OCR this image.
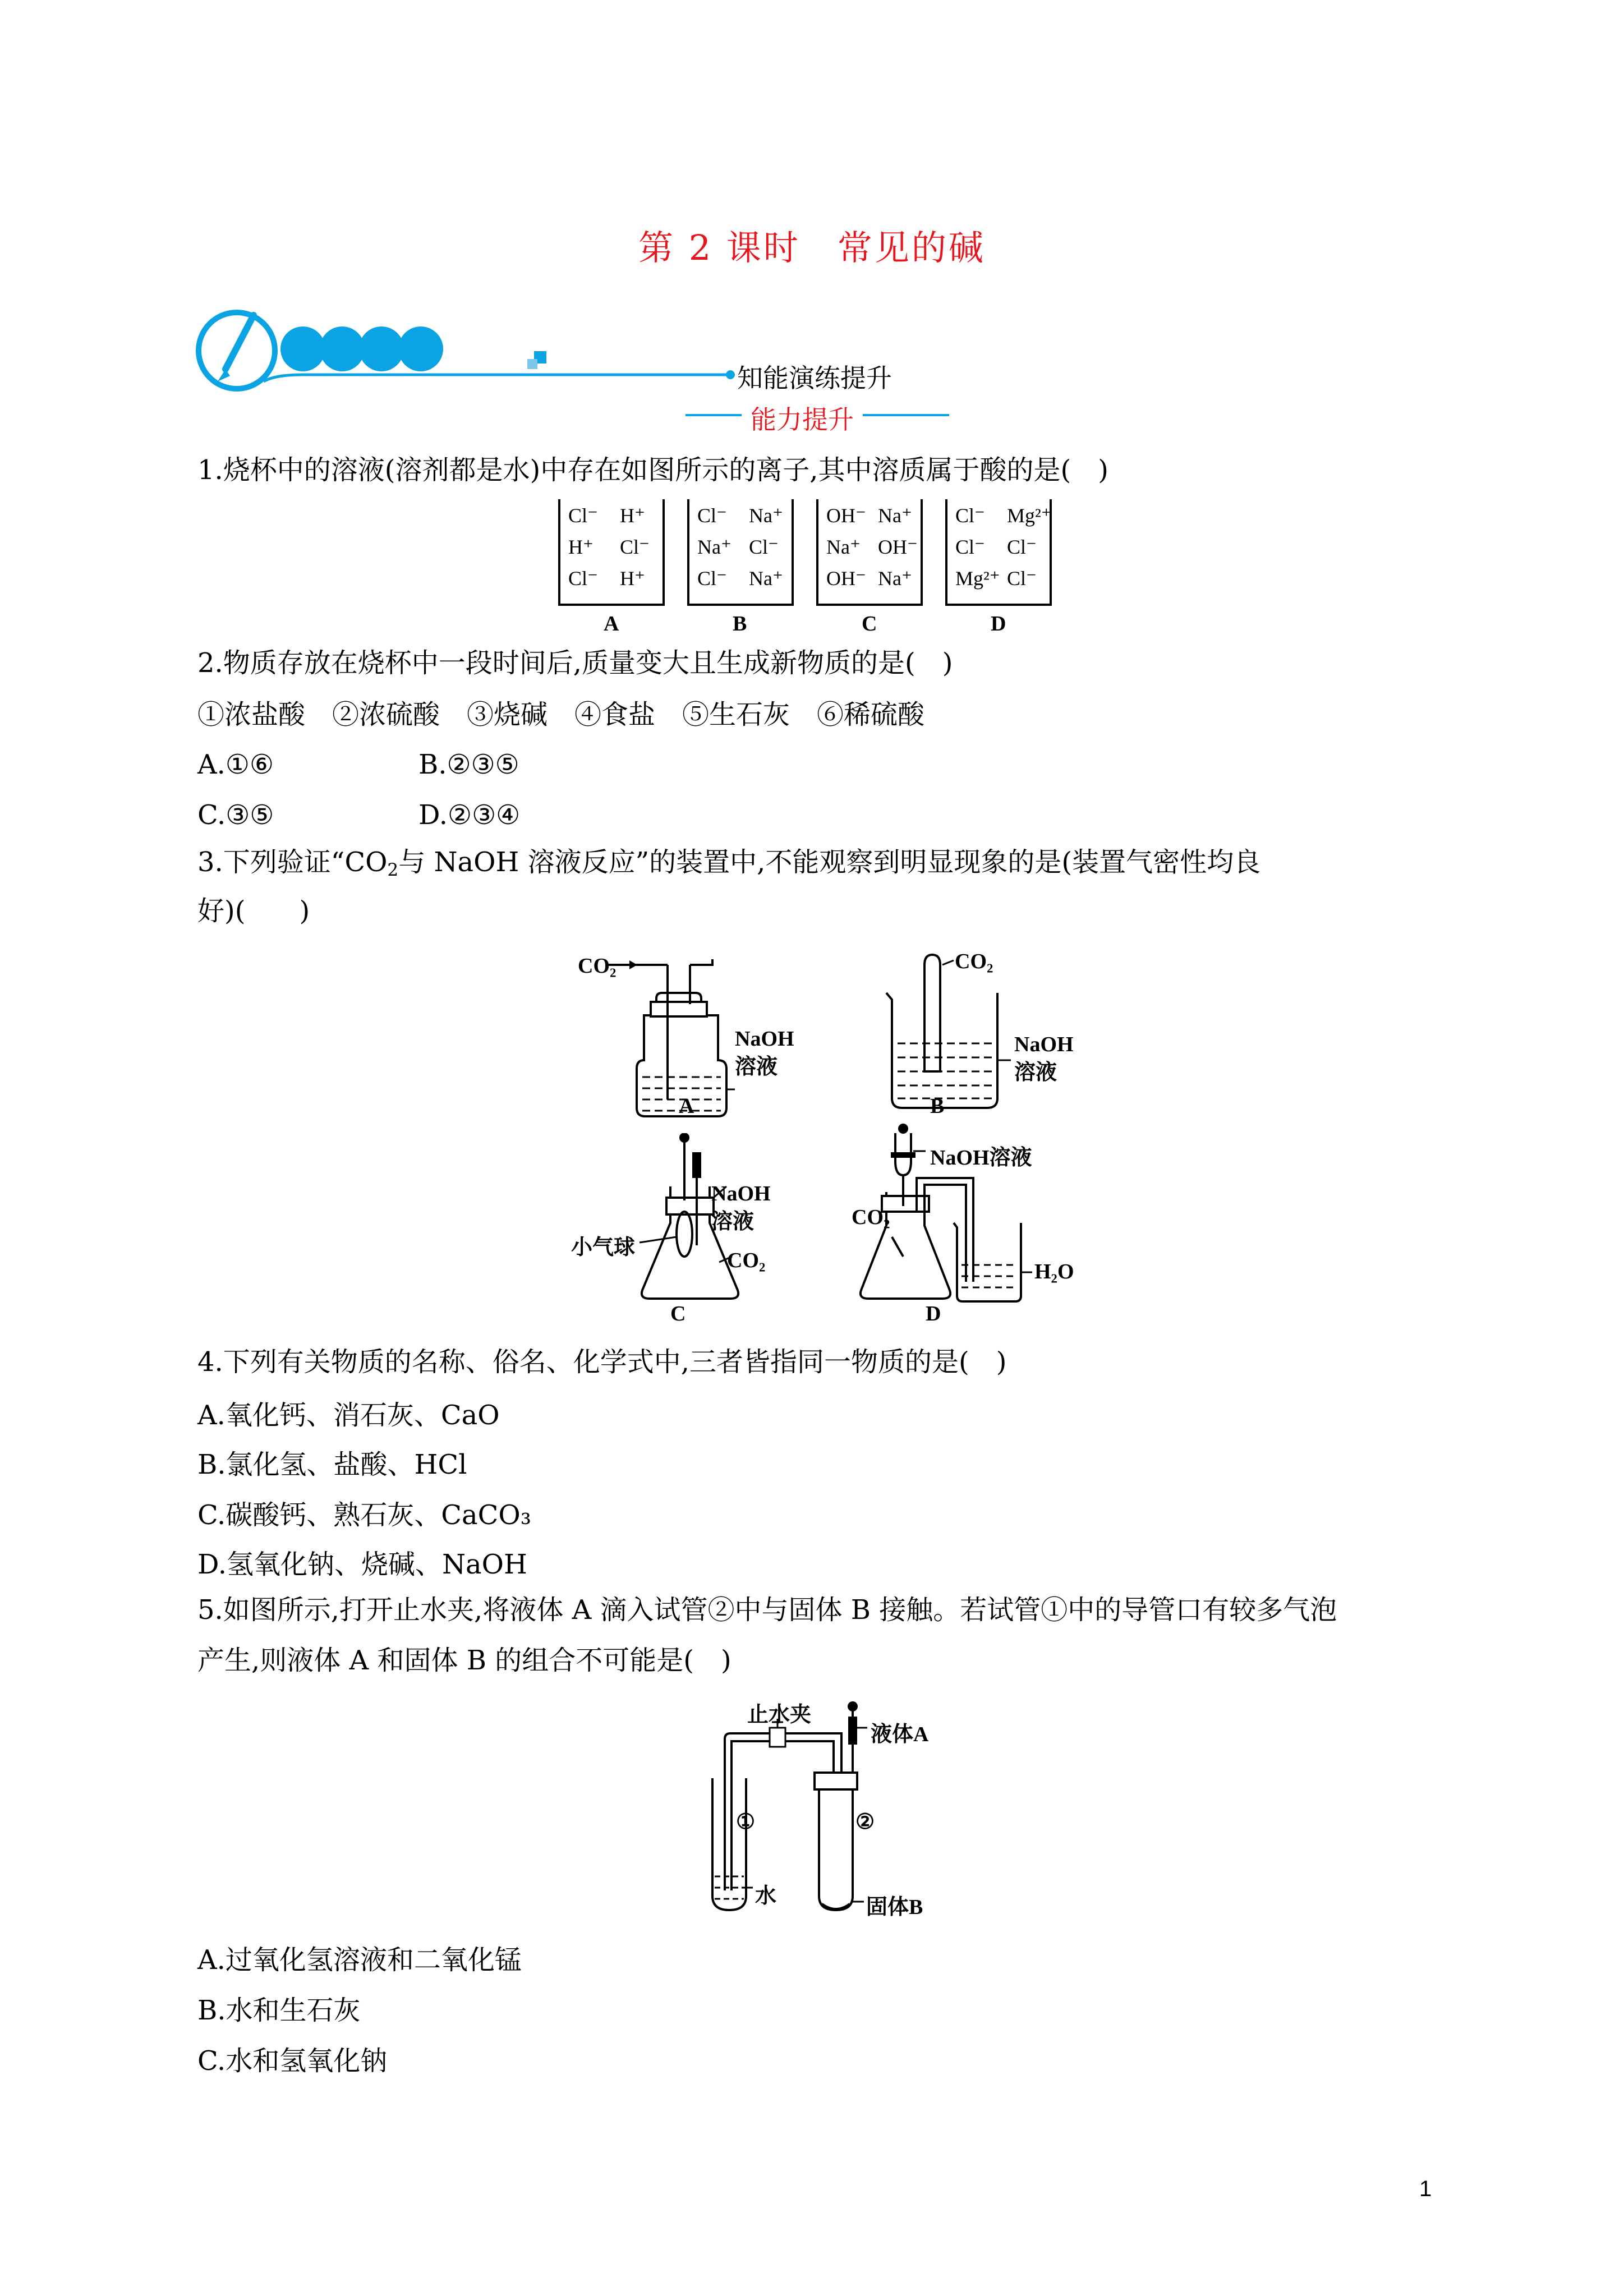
第 2 课时　常见的碱
知能演练提升
能力提升
1.烧杯中的溶液(溶剂都是水)中存在如图所示的离子,其中溶质属于酸的是(　)
Cl⁻ H⁺
H⁺ Cl⁻
Cl⁻ H⁺
A
Cl⁻ Na⁺
Na⁺ Cl⁻
Cl⁻ Na⁺
B
OH⁻ Na⁺
Na⁺ OH⁻
OH⁻ Na⁺
C
Cl⁻ Mg²⁺
Cl⁻ Cl⁻
Mg²⁺ Cl⁻
D
2.物质存放在烧杯中一段时间后,质量变大且生成新物质的是(　)
①浓盐酸　②浓硫酸　③烧碱　④食盐　⑤生石灰　⑥稀硫酸
A.①⑥	B.②③⑤
C.③⑤	D.②③④
3.下列验证“$CO_2$与 NaOH 溶液反应”的装置中,不能观察到明显现象的是(装置气密性均良
好)(　　)
CO₂
NaOH
溶液
A
CO₂
NaOH
溶液
B
小气球
NaOH
溶液
CO₂
C
NaOH溶液
CO₂
H₂O
D
4.下列有关物质的名称、俗名、化学式中,三者皆指同一物质的是(　)
A.氧化钙、消石灰、CaO
B.氯化氢、盐酸、HCl
C.碳酸钙、熟石灰、CaCO₃
D.氢氧化钠、烧碱、NaOH
5.如图所示,打开止水夹,将液体 A 滴入试管②中与固体 B 接触。若试管①中的导管口有较多气泡
产生,则液体 A 和固体 B 的组合不可能是(　)
止水夹
液体A
①	②
水	固体B
A.过氧化氢溶液和二氧化锰
B.水和生石灰
C.水和氢氧化钠
1
